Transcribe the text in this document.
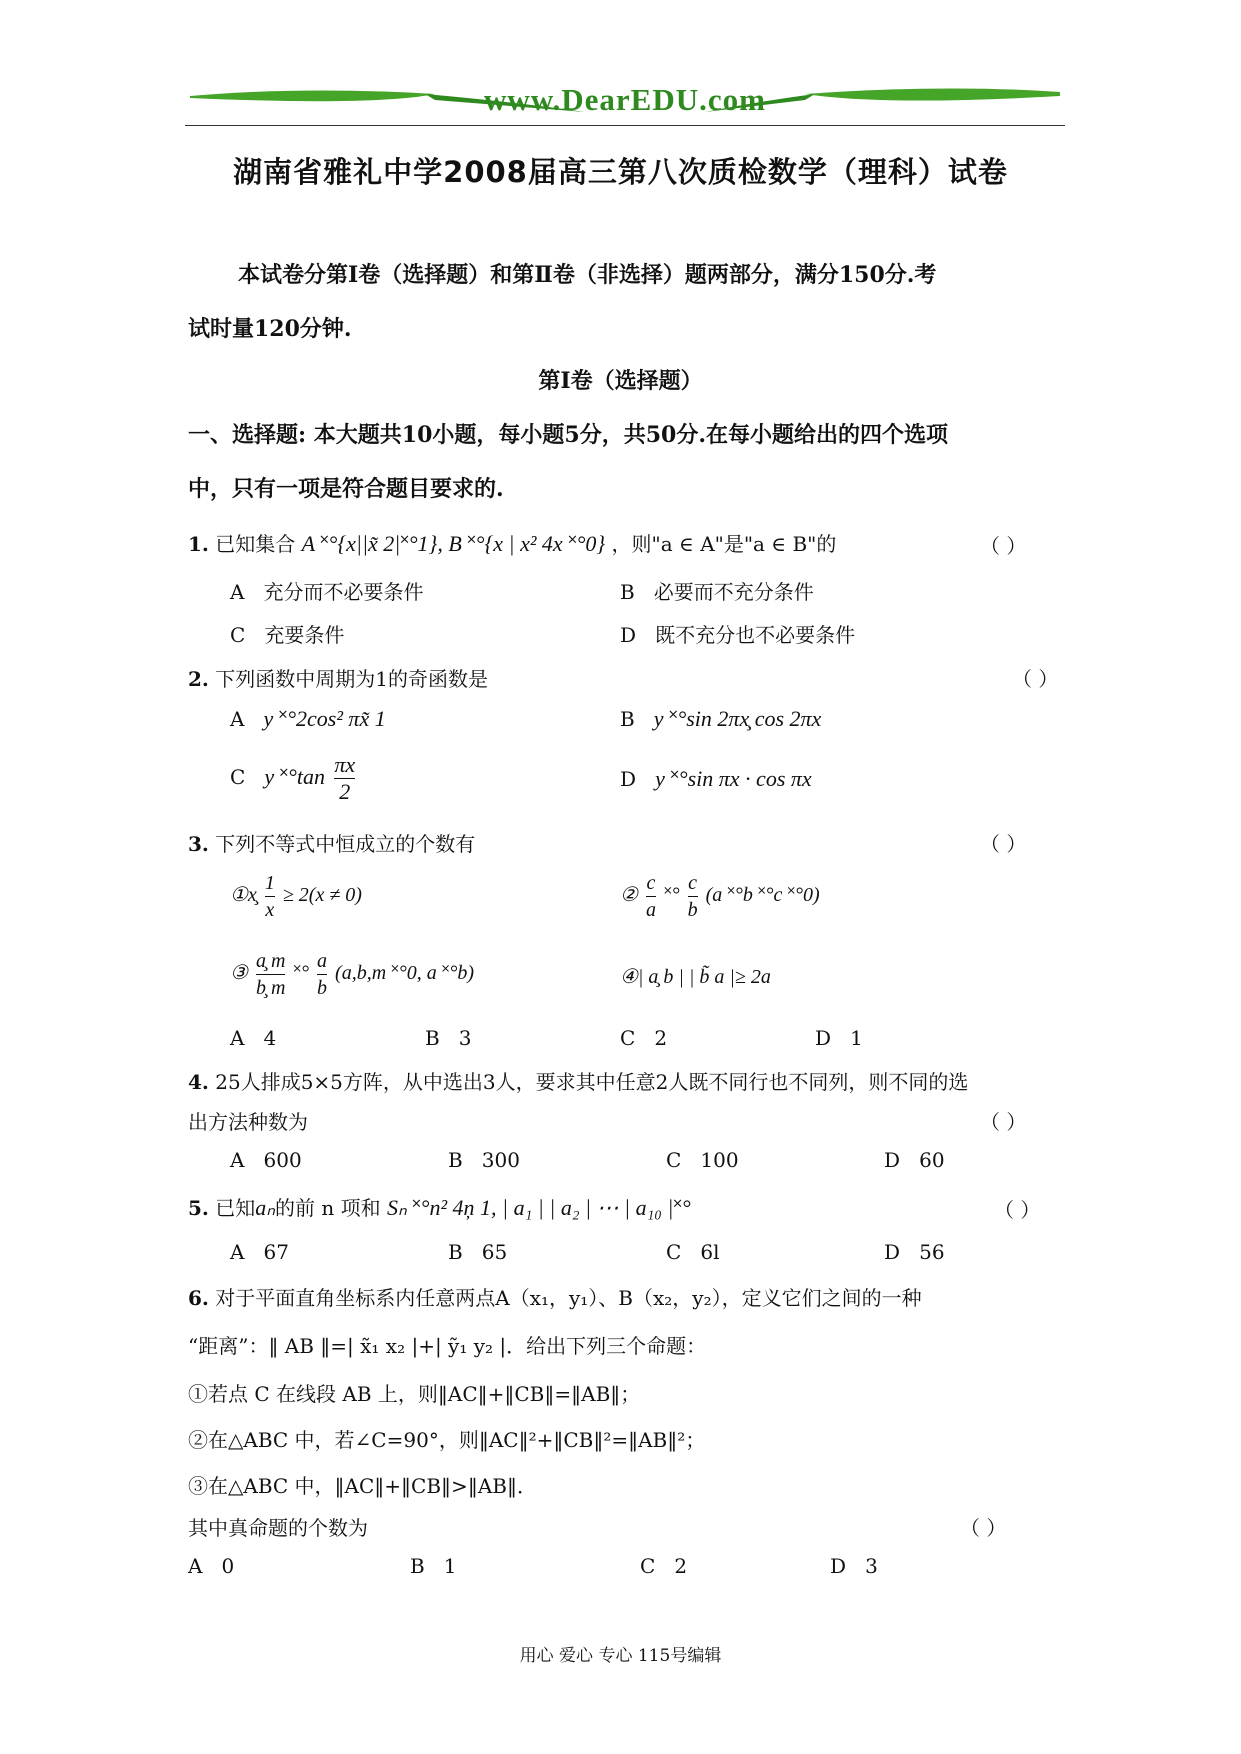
www.DearEDU.com
湖南省雅礼中学2008届高三第八次质检数学（理科）试卷
本试卷分第Ⅰ卷（选择题）和第Ⅱ卷（非选择）题两部分，满分150分.考
试时量120分钟.
第Ⅰ卷（选择题）
一、选择题: 本大题共10小题，每小题5分，共50分.在每小题给出的四个选项
中，只有一项是符合题目要求的.
1. 已知集合 A ˟°{x||x̃ 2|˟°1}, B ˟°{x | x² 4x ˟°0} ，则"a ∈ A"是"a ∈ B"的	（ ）
A 充分而不必要条件	B 必要而不充分条件
C 充要条件	D 既不充分也不必要条件
2. 下列函数中周期为1的奇函数是	（ ）
A y ˟°2cos² πx̃ 1	B y ˟°sin 2πx̧ cos 2πx
C y ˟°tan $\frac{\pi x}{2}$	D y ˟°sin πx · cos πx
3. 下列不等式中恒成立的个数有	（ ）
①x̧ $\frac{1}{x} \ge 2(x \ne 0)$	② $\frac{c}{a}$ ˟° $\frac{c}{b} (a$ ˟°b ˟°c ˟°0)
③ $\frac{a̧ m}{b̧ m}$ ˟° $\frac{a}{b} (a,b,m$ ˟°0, a ˟°b)	④| a̧ b | | b̃ a |≥ 2a
A 4	B 3	C 2	D 1
4. 25人排成5×5方阵，从中选出3人，要求其中任意2人既不同行也不同列，则不同的选
出方法种数为	（ ）
A 600	B 300	C 100	D 60
5. 已知aₙ的前 n 项和 Sₙ ˟°n² 4ņ 1, | a₁ | | a₂ | ⋯ | a₁₀ |˟°	（ ）
A 67	B 65	C 6l	D 56
6. 对于平面直角坐标系内任意两点A（x₁，y₁）、B（x₂，y₂），定义它们之间的一种
“距离”：‖ AB ‖=| x̃₁ x₂ |+| ỹ₁ y₂ |．给出下列三个命题：
①若点 C 在线段 AB 上，则‖AC‖+‖CB‖=‖AB‖；
②在△ABC 中，若∠C=90°，则‖AC‖²+‖CB‖²=‖AB‖²；
③在△ABC 中，‖AC‖+‖CB‖>‖AB‖．
其中真命题的个数为	（ ）
A 0	B 1	C 2	D 3
用心 爱心 专心 115号编辑
